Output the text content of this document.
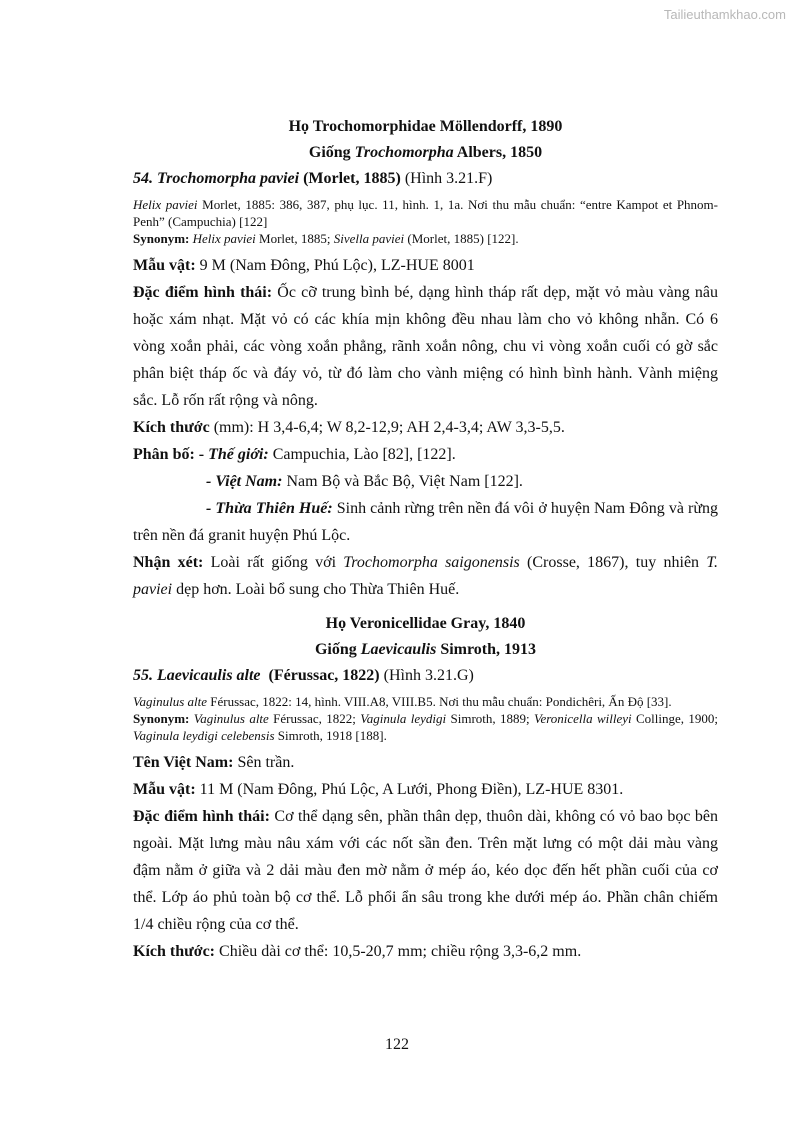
Tailieuthamkhao.com
Họ Trochomorphidae Möllendorff, 1890
Giống Trochomorpha Albers, 1850
54. Trochomorpha paviei (Morlet, 1885) (Hình 3.21.F)
Helix paviei Morlet, 1885: 386, 387, phụ lục. 11, hình. 1, 1a. Nơi thu mẫu chuẩn: “entre Kampot et Phnom-Penh” (Campuchia) [122]
Synonym: Helix paviei Morlet, 1885; Sivella paviei (Morlet, 1885) [122].
Mẫu vật: 9 M (Nam Đông, Phú Lộc), LZ-HUE 8001
Đặc điểm hình thái: Ốc cỡ trung bình bé, dạng hình tháp rất dẹp, mặt vỏ màu vàng nâu hoặc xám nhạt. Mặt vỏ có các khía mịn không đều nhau làm cho vỏ không nhẵn. Có 6 vòng xoắn phải, các vòng xoắn phẳng, rãnh xoắn nông, chu vi vòng xoắn cuối có gờ sắc phân biệt tháp ốc và đáy vỏ, từ đó làm cho vành miệng có hình bình hành. Vành miệng sắc. Lỗ rốn rất rộng và nông.
Kích thước (mm): H 3,4-6,4; W 8,2-12,9; AH 2,4-3,4; AW 3,3-5,5.
Phân bố: - Thế giới: Campuchia, Lào [82], [122].
- Việt Nam: Nam Bộ và Bắc Bộ, Việt Nam [122].
- Thừa Thiên Huế: Sinh cảnh rừng trên nền đá vôi ở huyện Nam Đông và rừng trên nền đá granit huyện Phú Lộc.
Nhận xét: Loài rất giống với Trochomorpha saigonensis (Crosse, 1867), tuy nhiên T. paviei dẹp hơn. Loài bổ sung cho Thừa Thiên Huế.
Họ Veronicellidae Gray, 1840
Giống Laevicaulis Simroth, 1913
55. Laevicaulis alte  (Férussac, 1822) (Hình 3.21.G)
Vaginulus alte Férussac, 1822: 14, hình. VIII.A8, VIII.B5. Nơi thu mẫu chuẩn: Pondichêri, Ấn Độ [33].
Synonym: Vaginulus alte Férussac, 1822; Vaginula leydigi Simroth, 1889; Veronicella willeyi Collinge, 1900; Vaginula leydigi celebensis Simroth, 1918 [188].
Tên Việt Nam: Sên trần.
Mẫu vật: 11 M (Nam Đông, Phú Lộc, A Lưới, Phong Điền), LZ-HUE 8301.
Đặc điểm hình thái: Cơ thể dạng sên, phần thân dẹp, thuôn dài, không có vỏ bao bọc bên ngoài. Mặt lưng màu nâu xám với các nốt sần đen. Trên mặt lưng có một dải màu vàng đậm nằm ở giữa và 2 dải màu đen mờ nằm ở mép áo, kéo dọc đến hết phần cuối của cơ thể. Lớp áo phủ toàn bộ cơ thể. Lỗ phổi ẩn sâu trong khe dưới mép áo. Phần chân chiếm 1/4 chiều rộng của cơ thể.
Kích thước: Chiều dài cơ thể: 10,5-20,7 mm; chiều rộng 3,3-6,2 mm.
122
